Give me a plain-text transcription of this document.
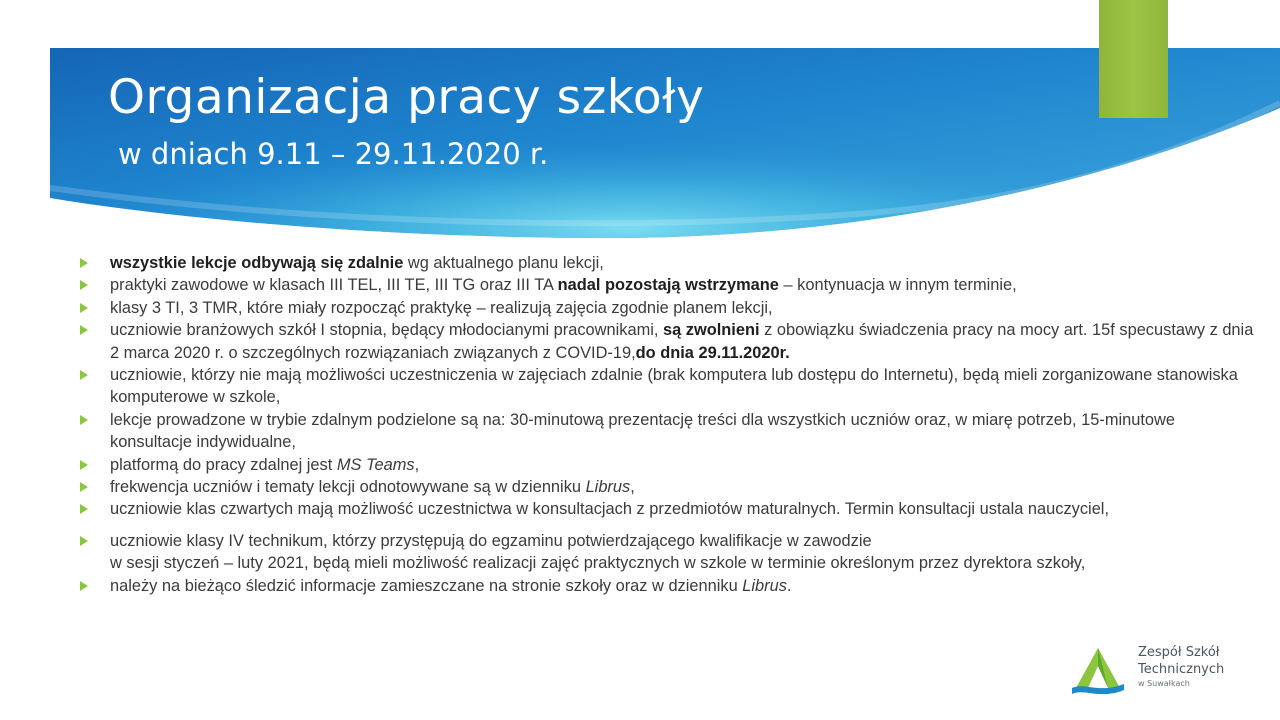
Organizacja pracy szkoły
w dniach 9.11 – 29.11.2020 r.
wszystkie lekcje odbywają się zdalnie wg aktualnego planu lekcji,
praktyki zawodowe w klasach III TEL, III TE, III TG oraz III TA nadal pozostają wstrzymane – kontynuacja w innym terminie,
klasy 3 TI, 3 TMR, które miały rozpocząć praktykę – realizują zajęcia zgodnie planem lekcji,
uczniowie branżowych szkół I stopnia, będący młodocianymi pracownikami, są zwolnieni z obowiązku świadczenia pracy na mocy art. 15f specustawy z dnia 2 marca 2020 r. o szczególnych rozwiązaniach związanych z COVID-19,do dnia 29.11.2020r.
uczniowie, którzy nie mają możliwości uczestniczenia w zajęciach zdalnie (brak komputera lub dostępu do Internetu), będą mieli zorganizowane stanowiska komputerowe w szkole,
lekcje prowadzone w trybie zdalnym podzielone są na: 30-minutową prezentację treści dla wszystkich uczniów oraz, w miarę potrzeb, 15-minutowe konsultacje indywidualne,
platformą do pracy zdalnej jest MS Teams,
frekwencja uczniów i tematy lekcji odnotowywane są w dzienniku Librus,
uczniowie klas czwartych mają możliwość uczestnictwa w konsultacjach z przedmiotów maturalnych. Termin konsultacji ustala nauczyciel,
uczniowie klasy IV technikum, którzy przystępują do egzaminu potwierdzającego kwalifikacje w zawodzie
w sesji styczeń – luty 2021, będą mieli możliwość realizacji zajęć praktycznych w szkole w terminie określonym przez dyrektora szkoły,
należy na bieżąco śledzić informacje zamieszczane na stronie szkoły oraz w dzienniku Librus.
Zespół Szkół
Technicznych
w Suwałkach
